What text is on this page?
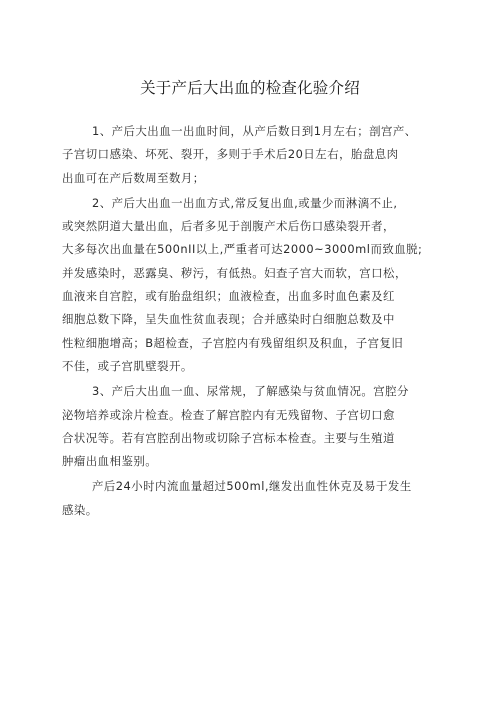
关于产后大出血的检查化验介绍

1、产后大出血一出血时间，从产后数日到1月左右；剖宫产、
子宫切口感染、坏死、裂开，多则于手术后20日左右，胎盘息肉
出血可在产后数周至数月；

2、产后大出血一出血方式,常反复出血,或量少而淋漓不止,
或突然阴道大量出血，后者多见于剖腹产术后伤口感染裂开者，
大多每次出血量在500nII以上,严重者可达2000~3000ml而致血脱;
并发感染时，恶露臭、秽污，有低热。妇查子宫大而软，宫口松，
血液来自宫腔，或有胎盘组织；血液检查，出血多时血色素及红
细胞总数下降，呈失血性贫血表现；合并感染时白细胞总数及中
性粒细胞增高；B超检查，子宫腔内有残留组织及积血，子宫复旧
不佳，或子宫肌壁裂开。

3、产后大出血一血、尿常规，了解感染与贫血情况。宫腔分
泌物培养或涂片检查。检查了解宫腔内有无残留物、子宫切口愈
合状况等。若有宫腔刮出物或切除子宫标本检查。主要与生殖道
肿瘤出血相鉴别。

产后24小时内流血量超过500ml,继发出血性休克及易于发生
感染。
